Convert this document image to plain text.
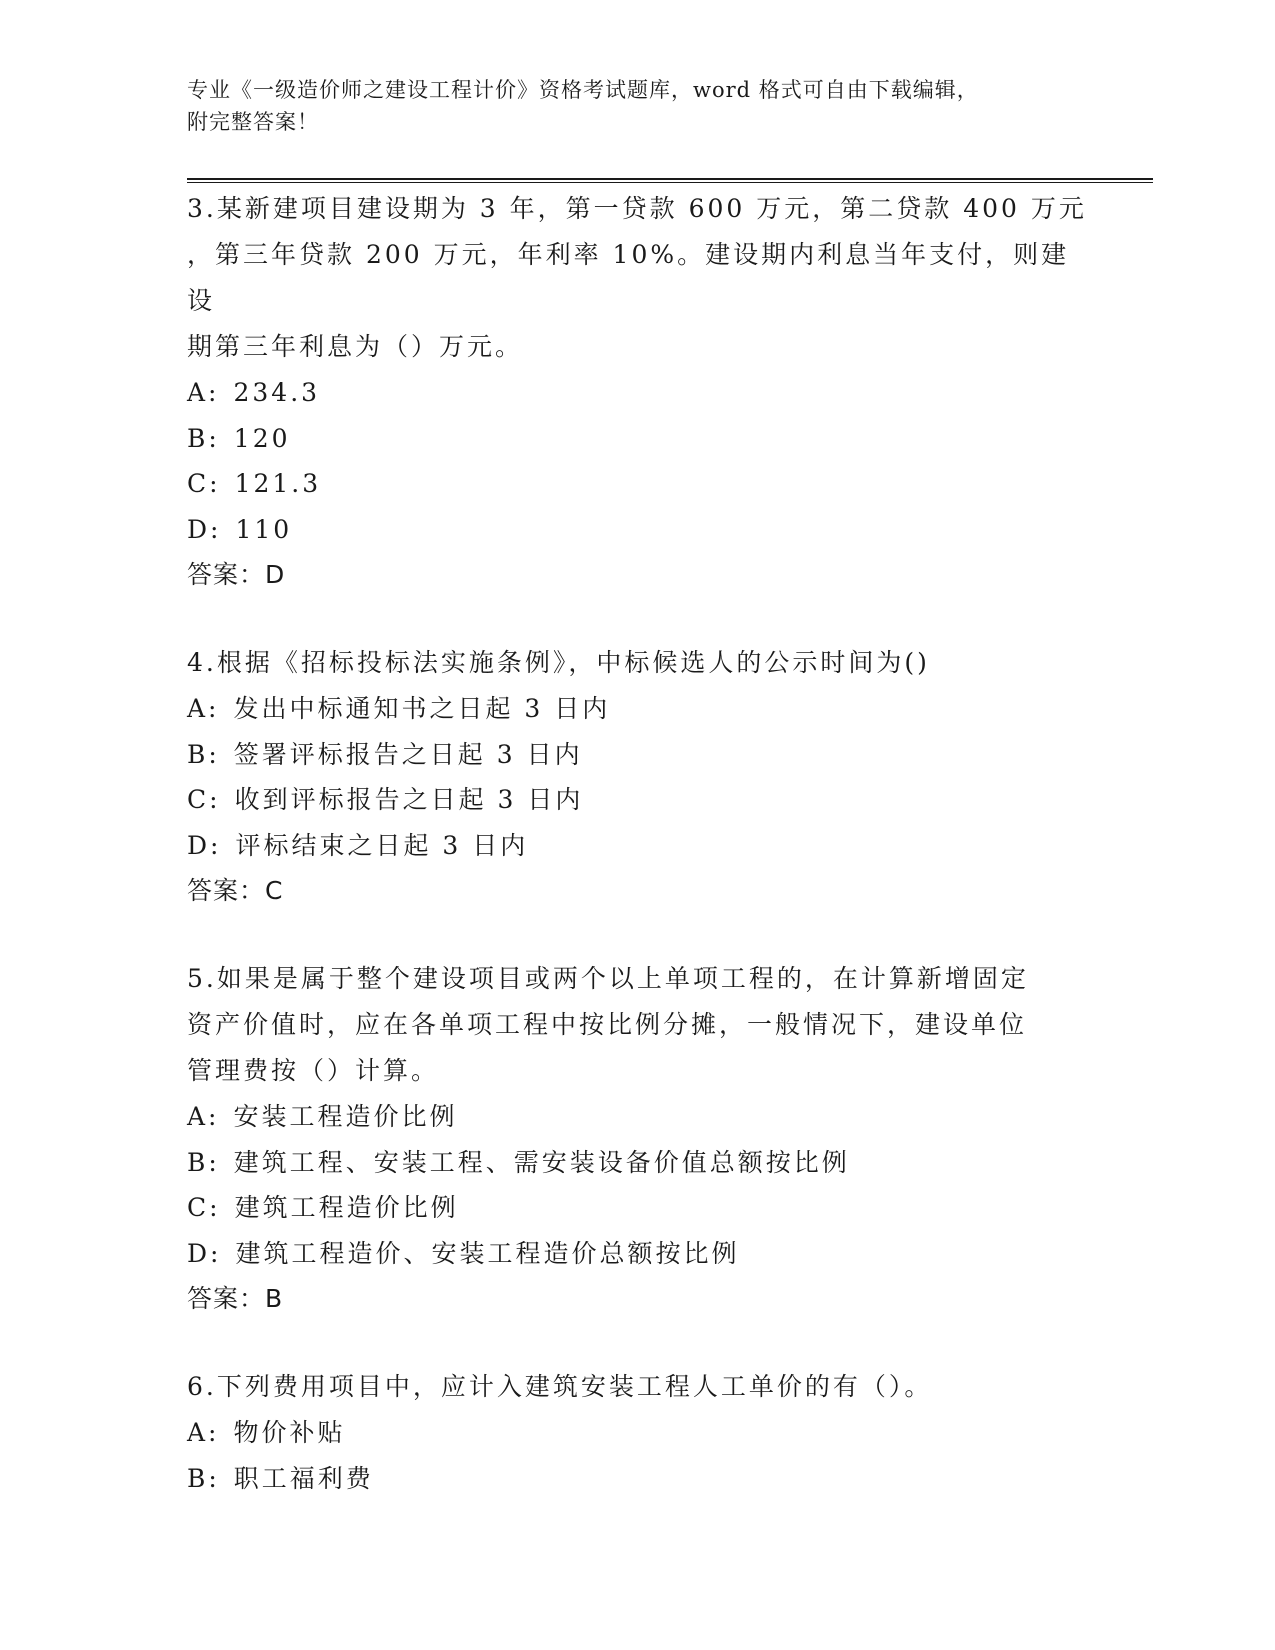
专业《一级造价师之建设工程计价》资格考试题库，word 格式可自由下载编辑，
附完整答案！

3.某新建项目建设期为 3 年，第一贷款 600 万元，第二贷款 400 万元

，第三年贷款 200 万元，年利率 10%。建设期内利息当年支付，则建设

期第三年利息为（）万元。

A: 234.3

B: 120

C: 121.3

D: 110

答案：D

4.根据《招标投标法实施条例》，中标候选人的公示时间为()

A: 发出中标通知书之日起 3 日内

B: 签署评标报告之日起 3 日内

C: 收到评标报告之日起 3 日内

D: 评标结束之日起 3 日内

答案：C

5.如果是属于整个建设项目或两个以上单项工程的，在计算新增固定

资产价值时，应在各单项工程中按比例分摊，一般情况下，建设单位

管理费按（）计算。

A: 安装工程造价比例

B: 建筑工程、安装工程、需安装设备价值总额按比例

C: 建筑工程造价比例

D: 建筑工程造价、安装工程造价总额按比例

答案：B

6.下列费用项目中，应计入建筑安装工程人工单价的有（）。

A: 物价补贴

B: 职工福利费
